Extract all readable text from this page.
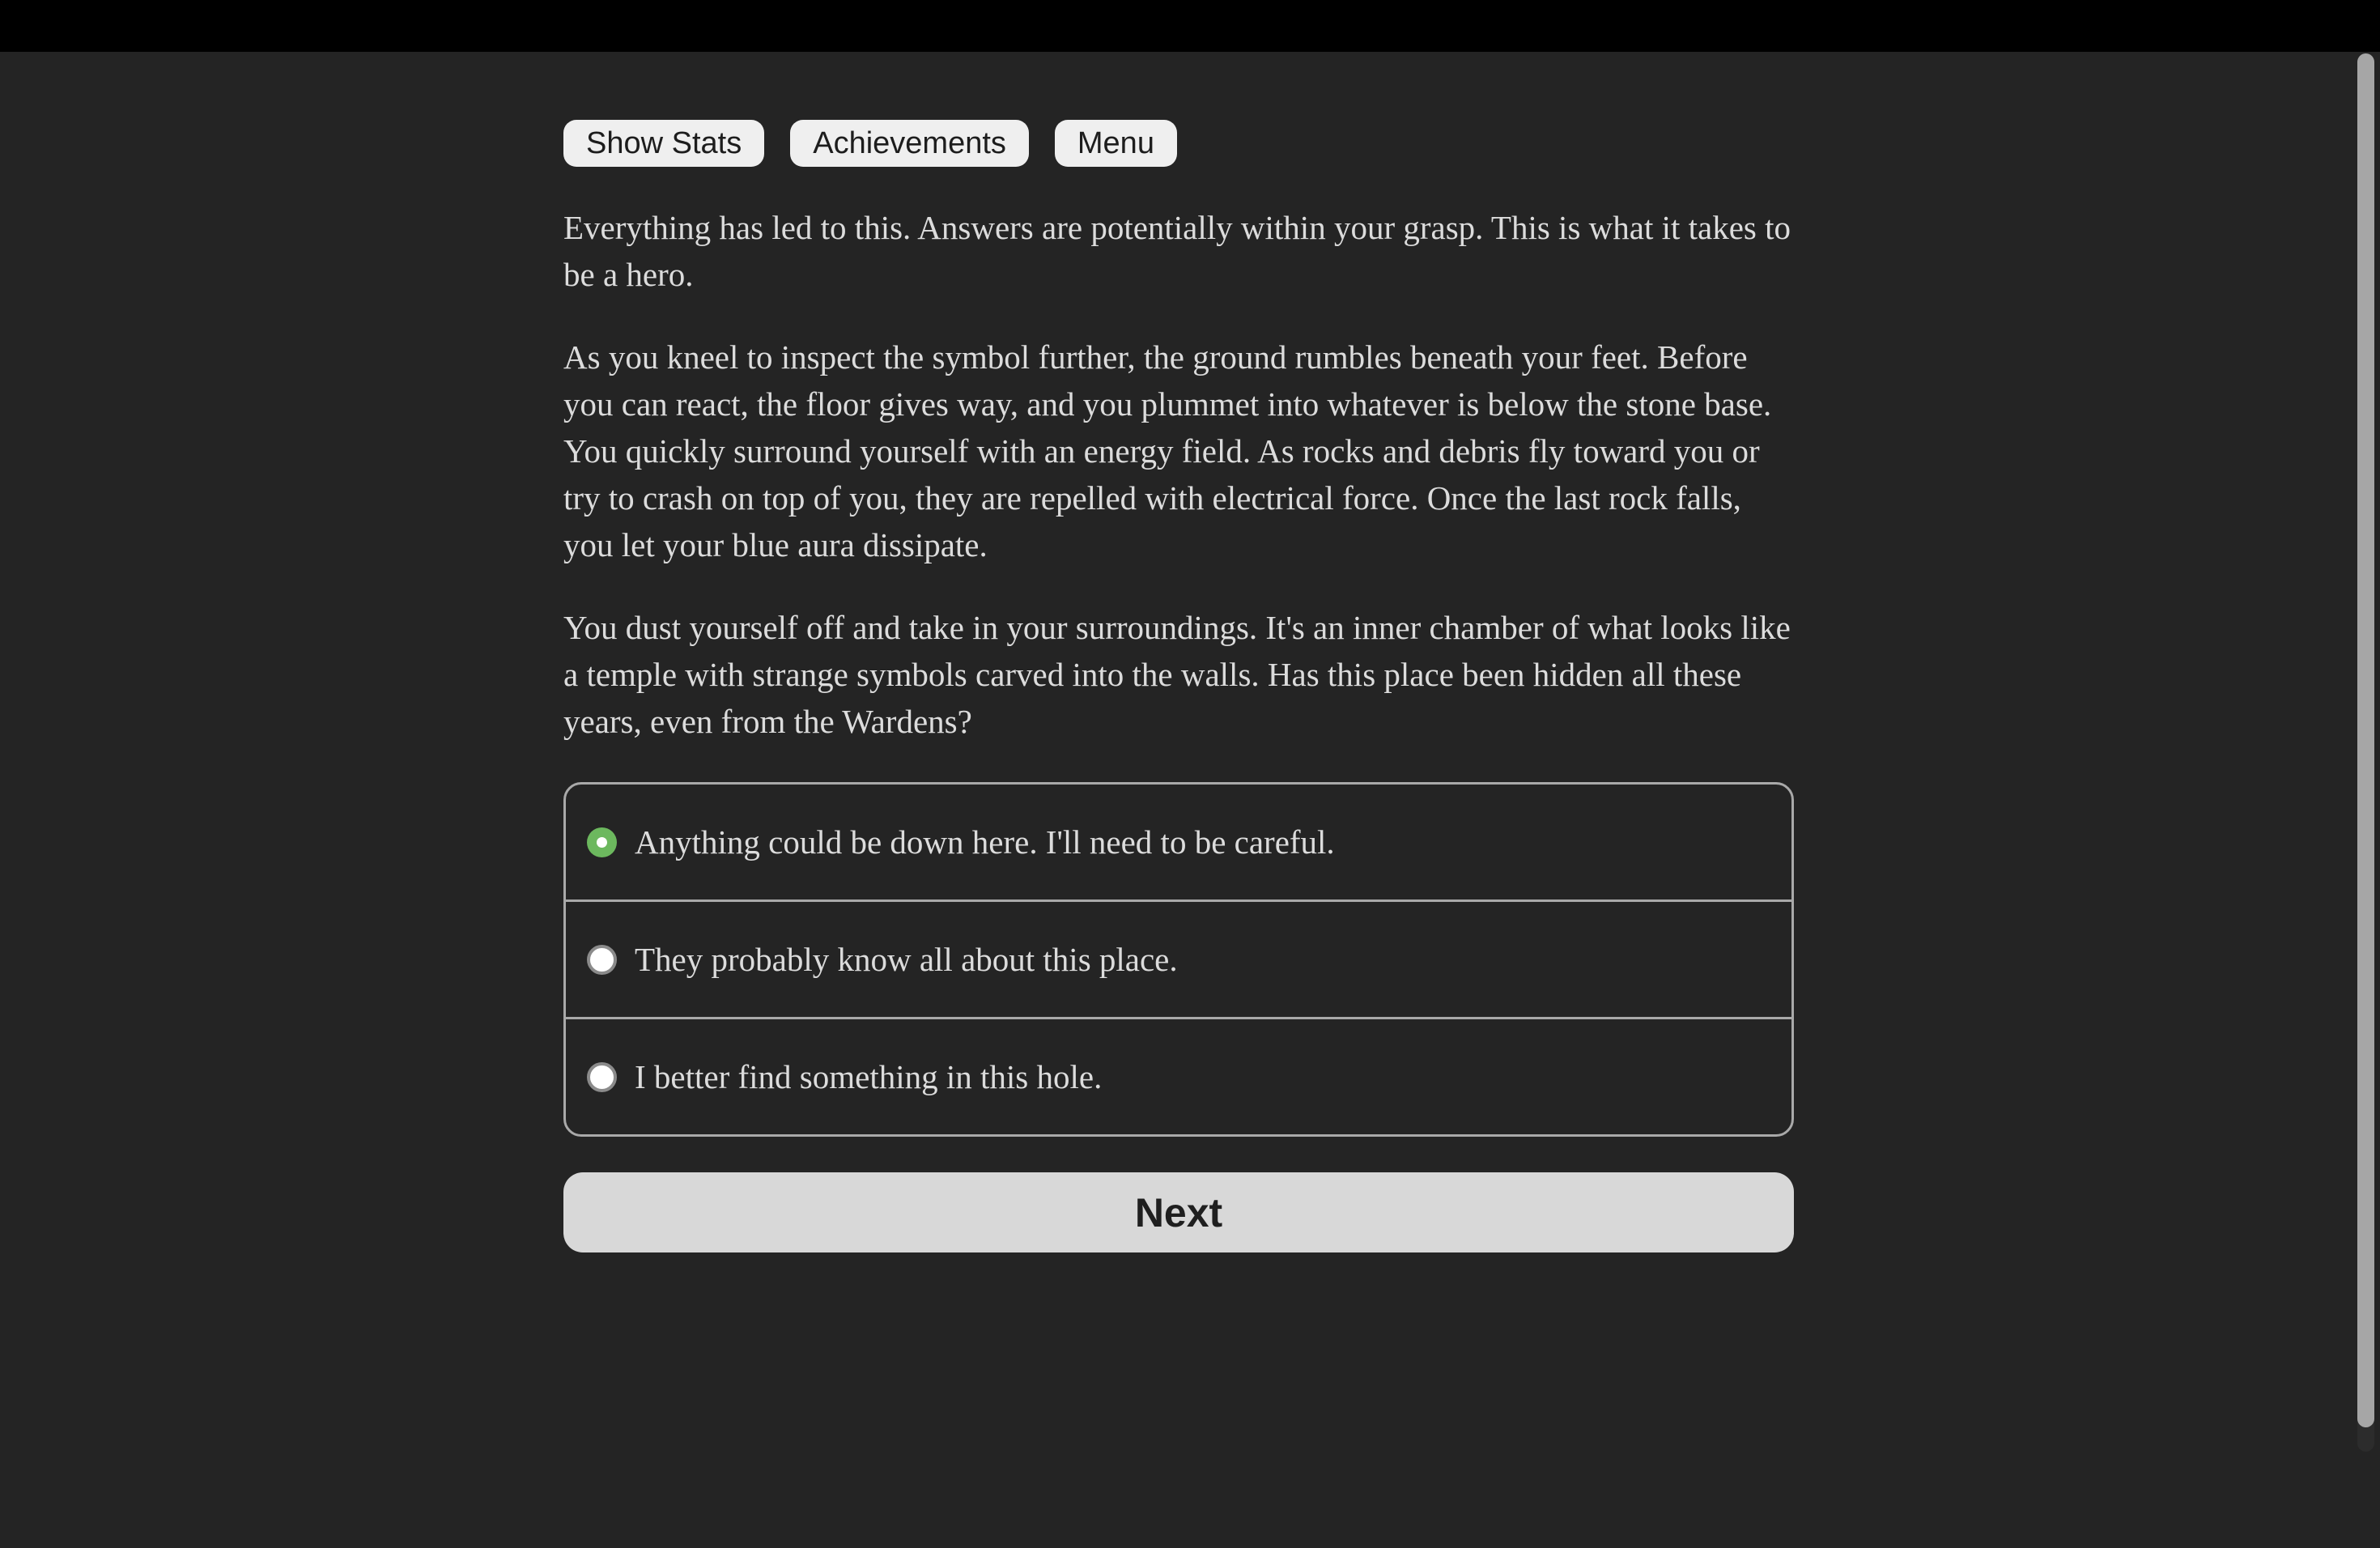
Show Stats	Achievements	Menu

Everything has led to this. Answers are potentially within your grasp. This is what it takes to be a hero.

As you kneel to inspect the symbol further, the ground rumbles beneath your feet. Before you can react, the floor gives way, and you plummet into whatever is below the stone base. You quickly surround yourself with an energy field. As rocks and debris fly toward you or try to crash on top of you, they are repelled with electrical force. Once the last rock falls, you let your blue aura dissipate.

You dust yourself off and take in your surroundings. It's an inner chamber of what looks like a temple with strange symbols carved into the walls. Has this place been hidden all these years, even from the Wardens?

Anything could be down here. I'll need to be careful.
They probably know all about this place.
I better find something in this hole.
Next
